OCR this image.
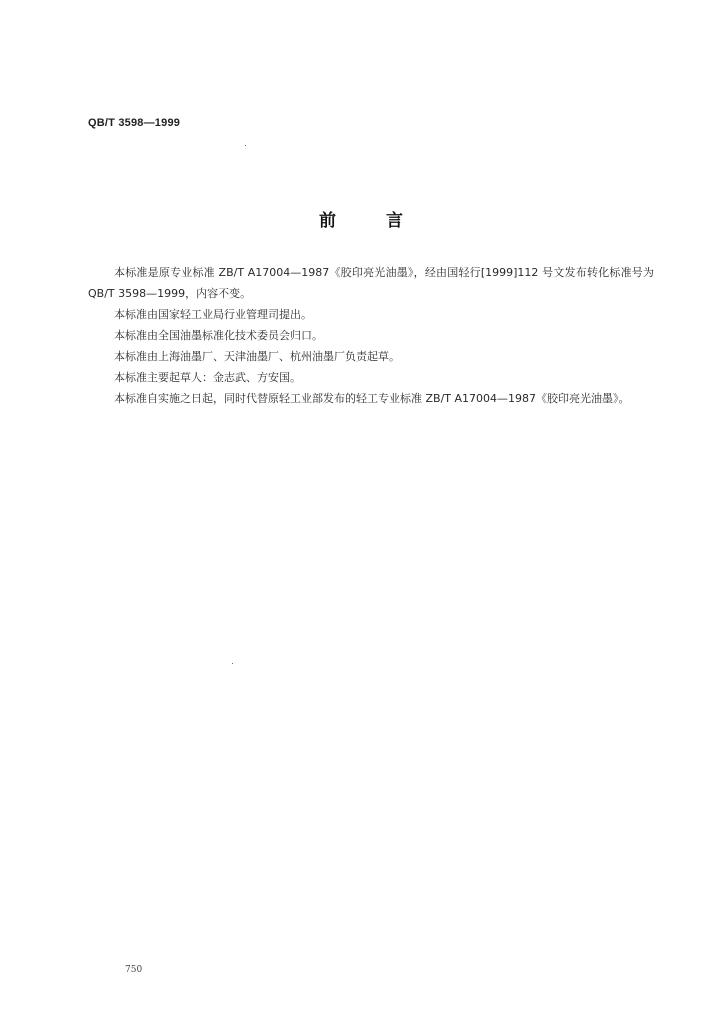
QB/T 3598—1999
前	言

本标准是原专业标准 ZB/T A17004—1987《胶印亮光油墨》，经由国轻行[1999]112 号文发布转化标准号为 QB/T 3598—1999，内容不变。

本标准由国家轻工业局行业管理司提出。

本标准由全国油墨标准化技术委员会归口。

本标准由上海油墨厂、天津油墨厂、杭州油墨厂负责起草。

本标准主要起草人：金志武、方安国。

本标准自实施之日起，同时代替原轻工业部发布的轻工专业标准 ZB/T A17004—1987《胶印亮光油墨》。

750
